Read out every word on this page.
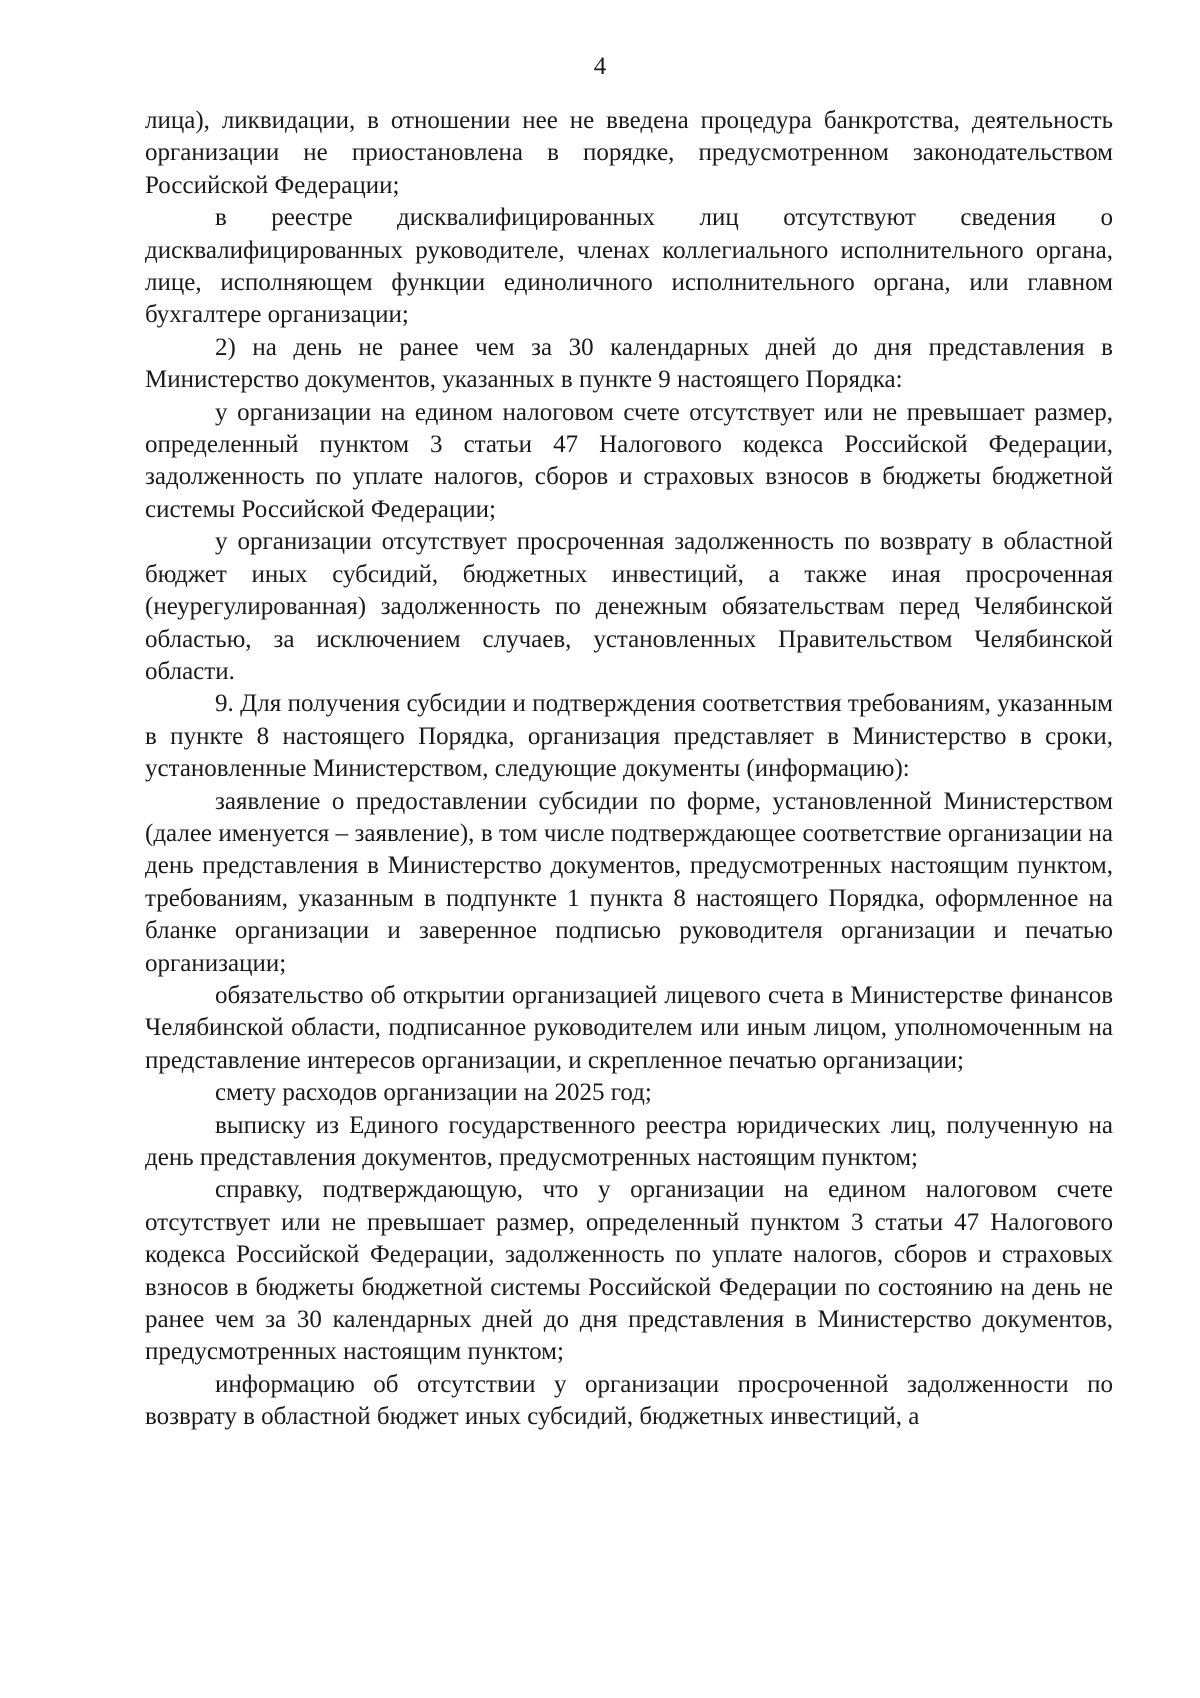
4

лица), ликвидации, в отношении нее не введена процедура банкротства, деятельность организации не приостановлена в порядке, предусмотренном законодательством Российской Федерации;

в реестре дисквалифицированных лиц отсутствуют сведения о дисквалифицированных руководителе, членах коллегиального исполнительного органа, лице, исполняющем функции единоличного исполнительного органа, или главном бухгалтере организации;

2) на день не ранее чем за 30 календарных дней до дня представления в Министерство документов, указанных в пункте 9 настоящего Порядка:

у организации на едином налоговом счете отсутствует или не превышает размер, определенный пунктом 3 статьи 47 Налогового кодекса Российской Федерации, задолженность по уплате налогов, сборов и страховых взносов в бюджеты бюджетной системы Российской Федерации;

у организации отсутствует просроченная задолженность по возврату в областной бюджет иных субсидий, бюджетных инвестиций, а также иная просроченная (неурегулированная) задолженность по денежным обязательствам перед Челябинской областью, за исключением случаев, установленных Правительством Челябинской области.

9. Для получения субсидии и подтверждения соответствия требованиям, указанным в пункте 8 настоящего Порядка, организация представляет в Министерство в сроки, установленные Министерством, следующие документы (информацию):

заявление о предоставлении субсидии по форме, установленной Министерством (далее именуется – заявление), в том числе подтверждающее соответствие организации на день представления в Министерство документов, предусмотренных настоящим пунктом, требованиям, указанным в подпункте 1 пункта 8 настоящего Порядка, оформленное на бланке организации и заверенное подписью руководителя организации и печатью организации;

обязательство об открытии организацией лицевого счета в Министерстве финансов Челябинской области, подписанное руководителем или иным лицом, уполномоченным на представление интересов организации, и скрепленное печатью организации;

смету расходов организации на 2025 год;

выписку из Единого государственного реестра юридических лиц, полученную на день представления документов, предусмотренных настоящим пунктом;

справку, подтверждающую, что у организации на едином налоговом счете отсутствует или не превышает размер, определенный пунктом 3 статьи 47 Налогового кодекса Российской Федерации, задолженность по уплате налогов, сборов и страховых взносов в бюджеты бюджетной системы Российской Федерации по состоянию на день не ранее чем за 30 календарных дней до дня представления в Министерство документов, предусмотренных настоящим пунктом;

информацию об отсутствии у организации просроченной задолженности по возврату в областной бюджет иных субсидий, бюджетных инвестиций, а
